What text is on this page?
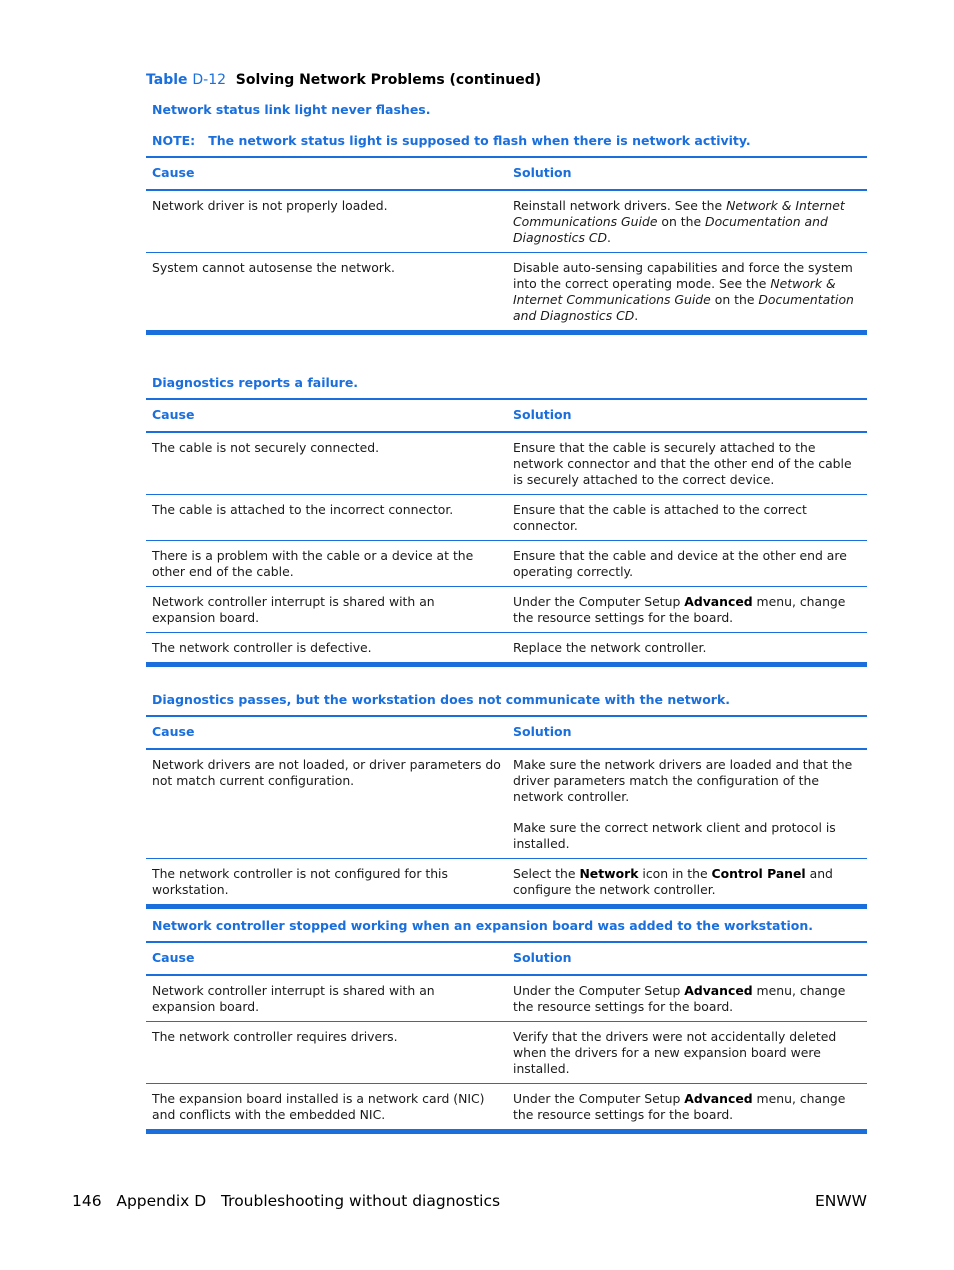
Table D-12 Solving Network Problems (continued)
Network status link light never flashes.
NOTE: The network status light is supposed to flash when there is network activity.
Cause	Solution
Network driver is not properly loaded.	Reinstall network drivers. See the Network & Internet Communications Guide on the Documentation and Diagnostics CD.

System cannot autosense the network.	Disable auto-sensing capabilities and force the system into the correct operating mode. See the Network & Internet Communications Guide on the Documentation and Diagnostics CD.

Diagnostics reports a failure.
Cause	Solution
The cable is not securely connected.	Ensure that the cable is securely attached to the network connector and that the other end of the cable is securely attached to the correct device.

The cable is attached to the incorrect connector.	Ensure that the cable is attached to the correct connector.

There is a problem with the cable or a device at the other end of the cable.	Ensure that the cable and device at the other end are operating correctly.

Network controller interrupt is shared with an expansion board.	Under the Computer Setup Advanced menu, change the resource settings for the board.

The network controller is defective.	Replace the network controller.

Diagnostics passes, but the workstation does not communicate with the network.
Cause	Solution
Network drivers are not loaded, or driver parameters do not match current configuration.	Make sure the network drivers are loaded and that the driver parameters match the configuration of the network controller.

Make sure the correct network client and protocol is installed.

The network controller is not configured for this workstation.	Select the Network icon in the Control Panel and configure the network controller.

Network controller stopped working when an expansion board was added to the workstation.
Cause	Solution
Network controller interrupt is shared with an expansion board.	Under the Computer Setup Advanced menu, change the resource settings for the board.

The network controller requires drivers.	Verify that the drivers were not accidentally deleted when the drivers for a new expansion board were installed.

The expansion board installed is a network card (NIC) and conflicts with the embedded NIC.	Under the Computer Setup Advanced menu, change the resource settings for the board.

146   Appendix D   Troubleshooting without diagnostics	ENWW
